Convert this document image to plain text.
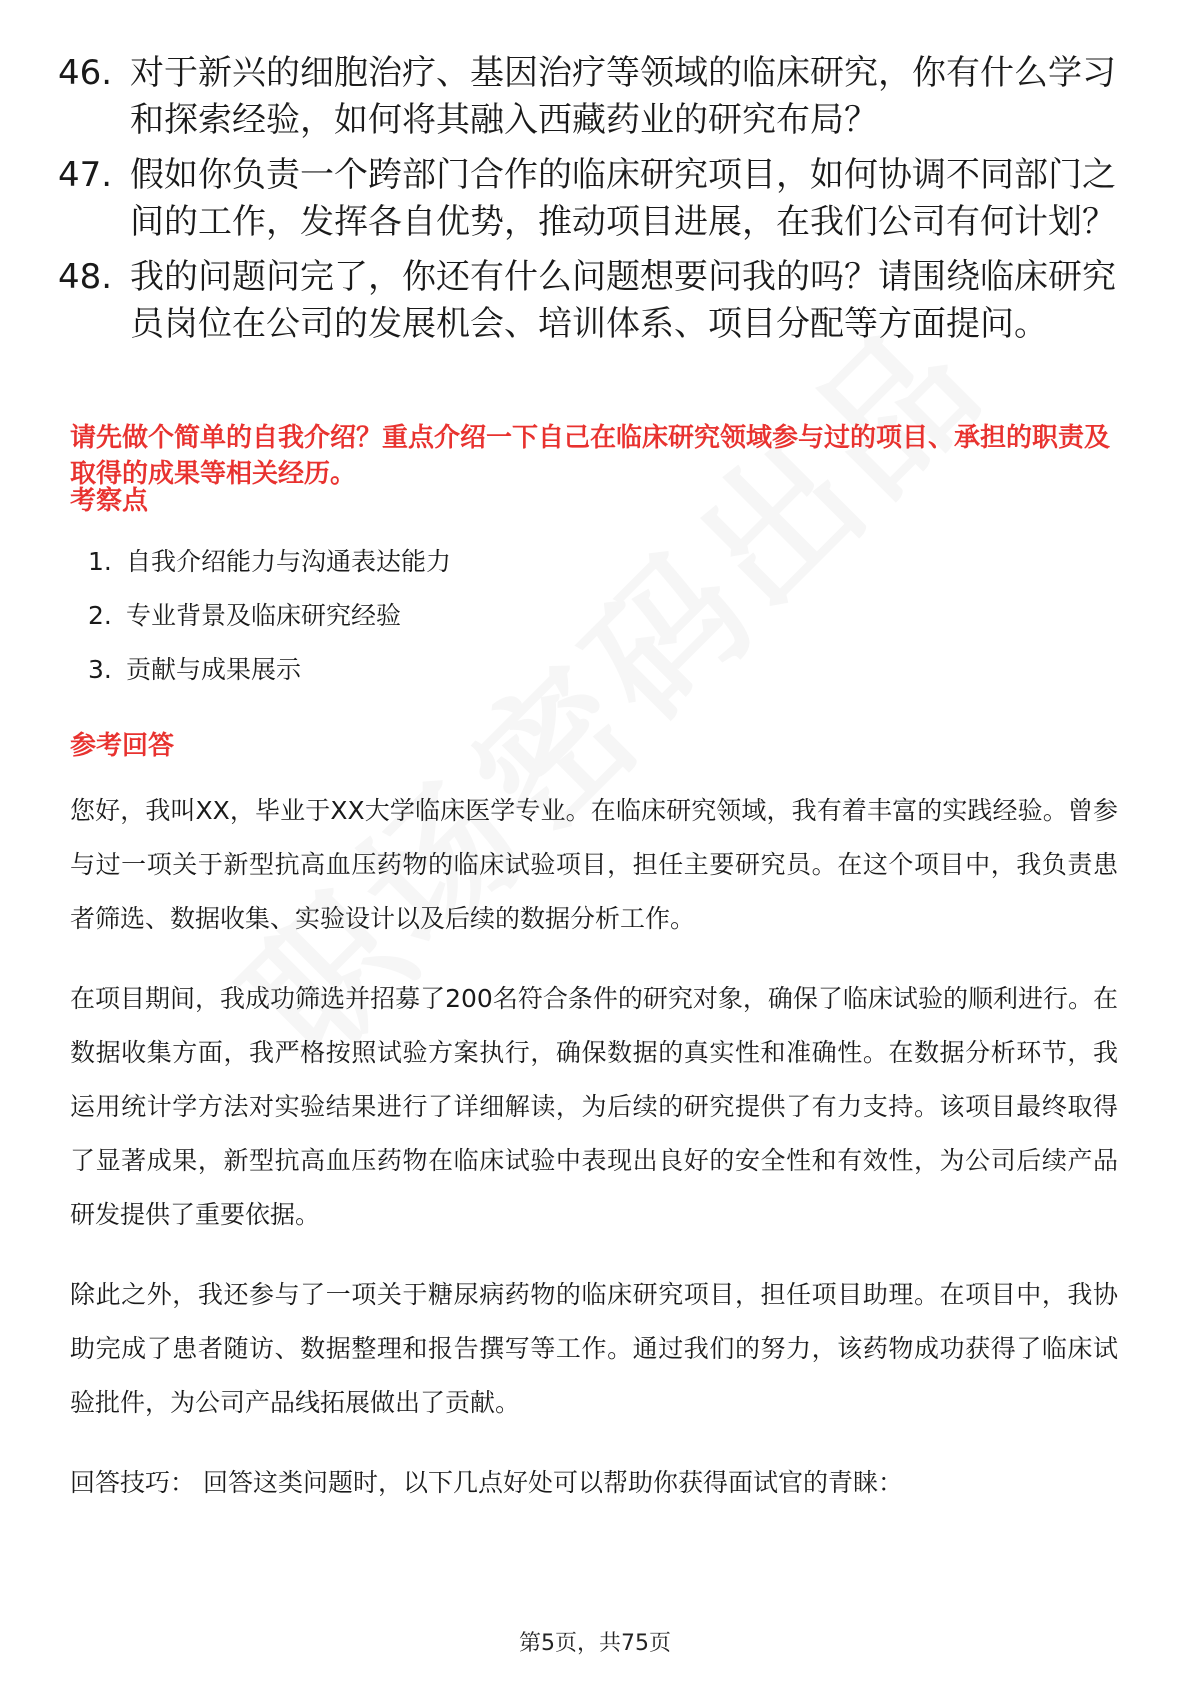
46. 对于新兴的细胞治疗、基因治疗等领域的临床研究，你有什么学习和探索经验，如何将其融入西藏药业的研究布局？
47. 假如你负责一个跨部门合作的临床研究项目，如何协调不同部门之间的工作，发挥各自优势，推动项目进展，在我们公司有何计划？
48. 我的问题问完了，你还有什么问题想要问我的吗？请围绕临床研究员岗位在公司的发展机会、培训体系、项目分配等方面提问。
请先做个简单的自我介绍？重点介绍一下自己在临床研究领域参与过的项目、承担的职责及取得的成果等相关经历。
考察点
1. 自我介绍能力与沟通表达能力
2. 专业背景及临床研究经验
3. 贡献与成果展示
参考回答
您好，我叫XX，毕业于XX大学临床医学专业。在临床研究领域，我有着丰富的实践经验。曾参与过一项关于新型抗高血压药物的临床试验项目，担任主要研究员。在这个项目中，我负责患者筛选、数据收集、实验设计以及后续的数据分析工作。
在项目期间，我成功筛选并招募了200名符合条件的研究对象，确保了临床试验的顺利进行。在数据收集方面，我严格按照试验方案执行，确保数据的真实性和准确性。在数据分析环节，我运用统计学方法对实验结果进行了详细解读，为后续的研究提供了有力支持。该项目最终取得了显著成果，新型抗高血压药物在临床试验中表现出良好的安全性和有效性，为公司后续产品研发提供了重要依据。
除此之外，我还参与了一项关于糖尿病药物的临床研究项目，担任项目助理。在项目中，我协助完成了患者随访、数据整理和报告撰写等工作。通过我们的努力，该药物成功获得了临床试验批件，为公司产品线拓展做出了贡献。
回答技巧： 回答这类问题时，以下几点好处可以帮助你获得面试官的青睐：
第5页，共75页
